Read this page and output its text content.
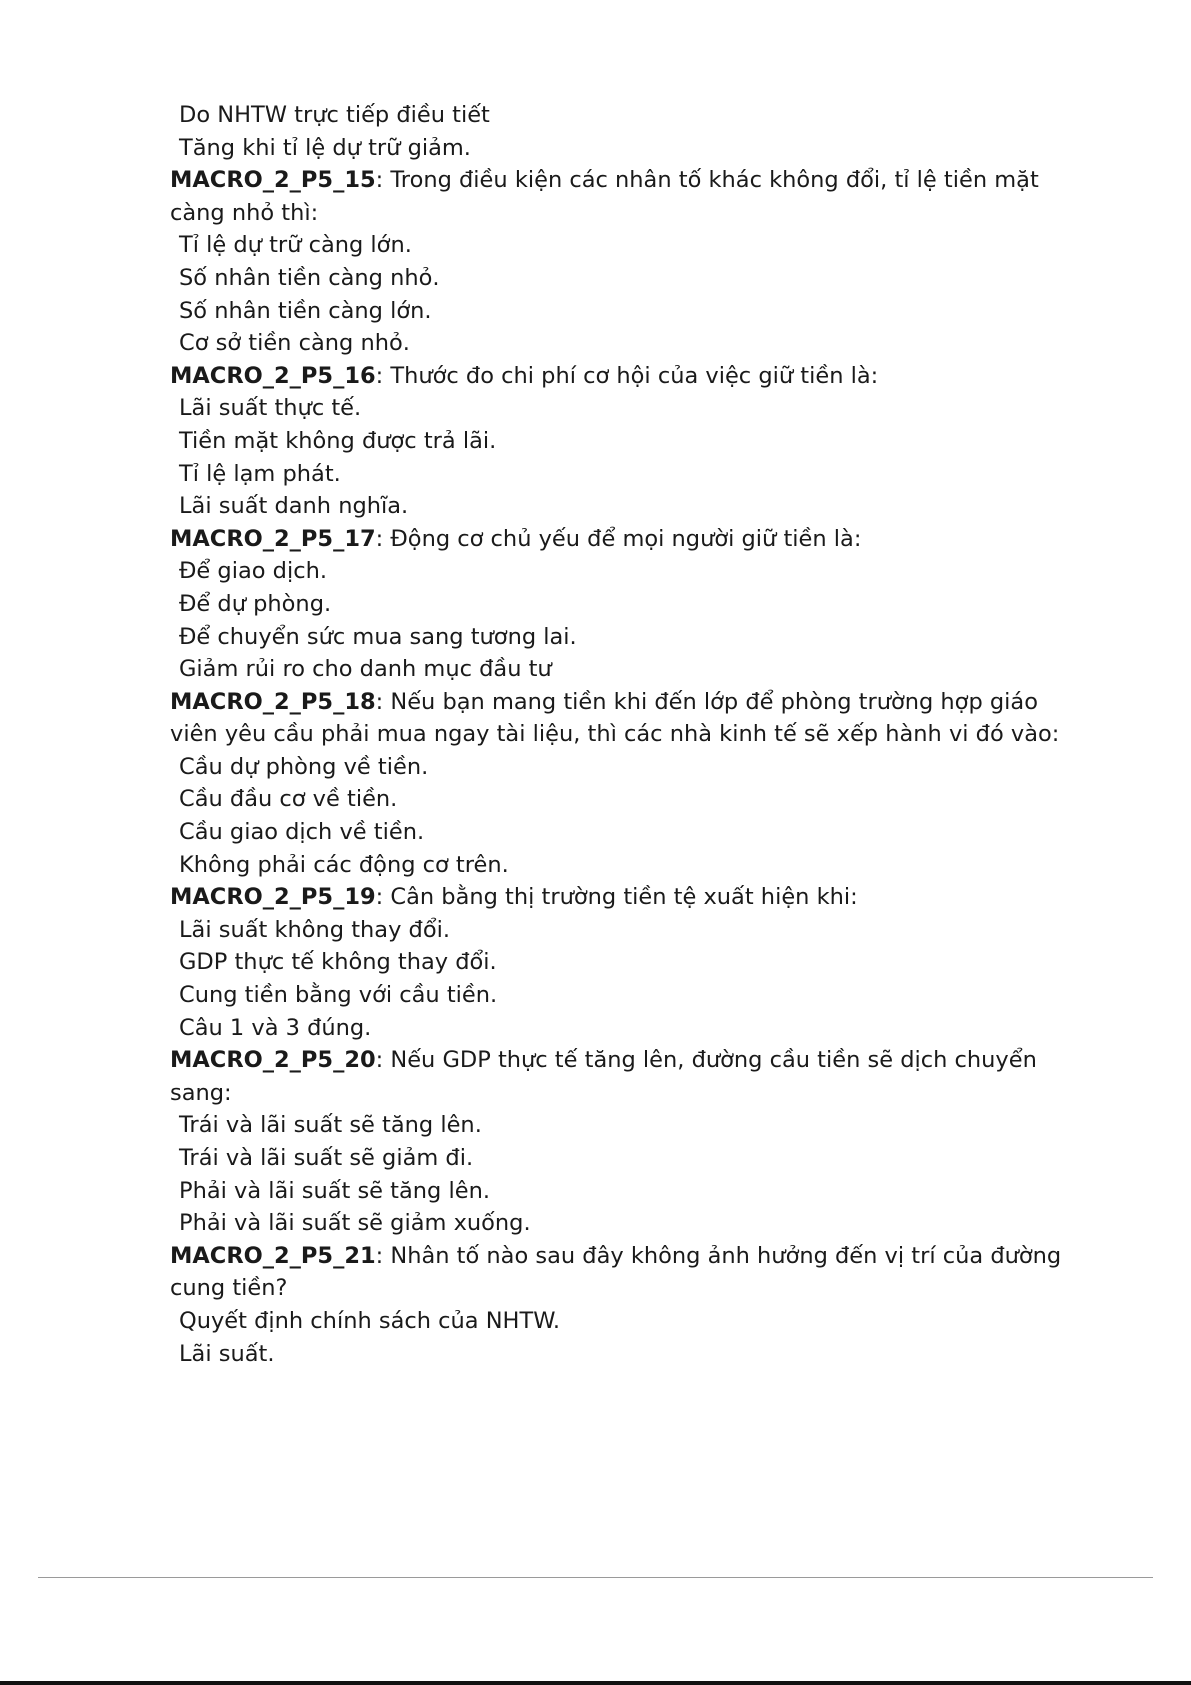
Do NHTW trực tiếp điều tiết
Tăng khi tỉ lệ dự trữ giảm.
MACRO_2_P5_15: Trong điều kiện các nhân tố khác không đổi, tỉ lệ tiền mặt càng nhỏ thì:
Tỉ lệ dự trữ càng lớn.
Số nhân tiền càng nhỏ.
Số nhân tiền càng lớn.
Cơ sở tiền càng nhỏ.
MACRO_2_P5_16: Thước đo chi phí cơ hội của việc giữ tiền là:
Lãi suất thực tế.
Tiền mặt không được trả lãi.
Tỉ lệ lạm phát.
Lãi suất danh nghĩa.
MACRO_2_P5_17: Động cơ chủ yếu để mọi người giữ tiền là:
Để giao dịch.
Để dự phòng.
Để chuyển sức mua sang tương lai.
Giảm rủi ro cho danh mục đầu tư
MACRO_2_P5_18: Nếu bạn mang tiền khi đến lớp để phòng trường hợp giáo viên yêu cầu phải mua ngay tài liệu, thì các nhà kinh tế sẽ xếp hành vi đó vào:
Cầu dự phòng về tiền.
Cầu đầu cơ về tiền.
Cầu giao dịch về tiền.
Không phải các động cơ trên.
MACRO_2_P5_19: Cân bằng thị trường tiền tệ xuất hiện khi:
Lãi suất không thay đổi.
GDP thực tế không thay đổi.
Cung tiền bằng với cầu tiền.
Câu 1 và 3 đúng.
MACRO_2_P5_20: Nếu GDP thực tế tăng lên, đường cầu tiền sẽ dịch chuyển sang:
Trái và lãi suất sẽ tăng lên.
Trái và lãi suất sẽ giảm đi.
Phải và lãi suất sẽ tăng lên.
Phải và lãi suất sẽ giảm xuống.
MACRO_2_P5_21: Nhân tố nào sau đây không ảnh hưởng đến vị trí của đường cung tiền?
Quyết định chính sách của NHTW.
Lãi suất.
